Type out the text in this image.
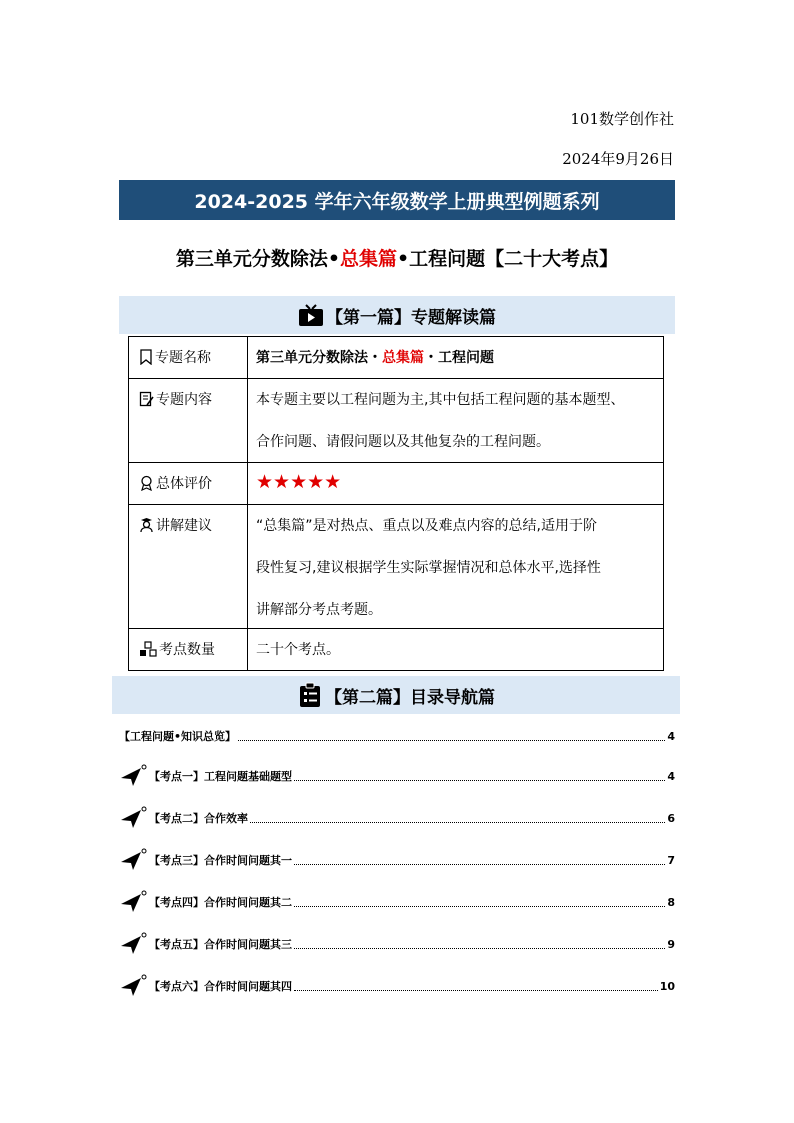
101数学创作社
2024年9月26日
2024-2025 学年六年级数学上册典型例题系列
第三单元分数除法•总集篇•工程问题【二十大考点】
【第一篇】专题解读篇
专题名称	第三单元分数除法・总集篇・工程问题

专题内容	本专题主要以工程问题为主,其中包括工程问题的基本题型、

合作问题、请假问题以及其他复杂的工程问题。

总体评价	★★★★★
讲解建议	“总集篇”是对热点、重点以及难点内容的总结,适用于阶

段性复习,建议根据学生实际掌握情况和总体水平,选择性

讲解部分考点考题。

考点数量	二十个考点。

【第二篇】目录导航篇
【工程问题•知识总览】	4
【考点一】工程问题基础题型	4
【考点二】合作效率	6
【考点三】合作时间问题其一	7
【考点四】合作时间问题其二	8
【考点五】合作时间问题其三	9
【考点六】合作时间问题其四	10
